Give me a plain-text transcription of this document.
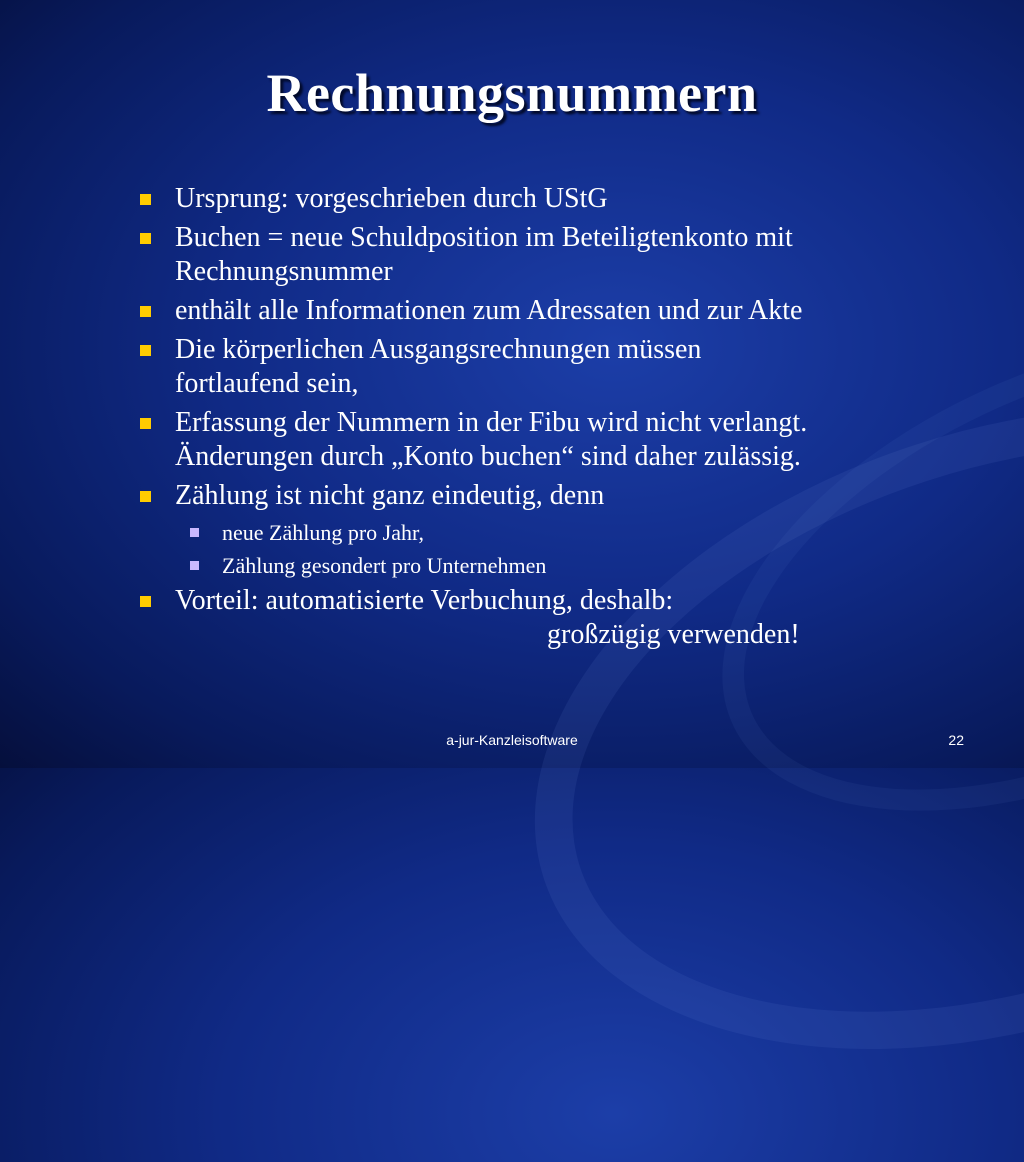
Rechnungsnummern
Ursprung: vorgeschrieben durch UStG
Buchen = neue Schuldposition im Beteiligtenkonto mit
Rechnungsnummer
enthält alle Informationen zum Adressaten und zur Akte
Die körperlichen Ausgangsrechnungen müssen
fortlaufend sein,
Erfassung der Nummern in der Fibu wird nicht verlangt.
Änderungen durch „Konto buchen“ sind daher zulässig.
Zählung ist nicht ganz eindeutig, denn
neue Zählung pro Jahr,
Zählung gesondert pro Unternehmen
Vorteil: automatisierte Verbuchung, deshalb:
großzügig verwenden!
a-jur-Kanzleisoftware	22
